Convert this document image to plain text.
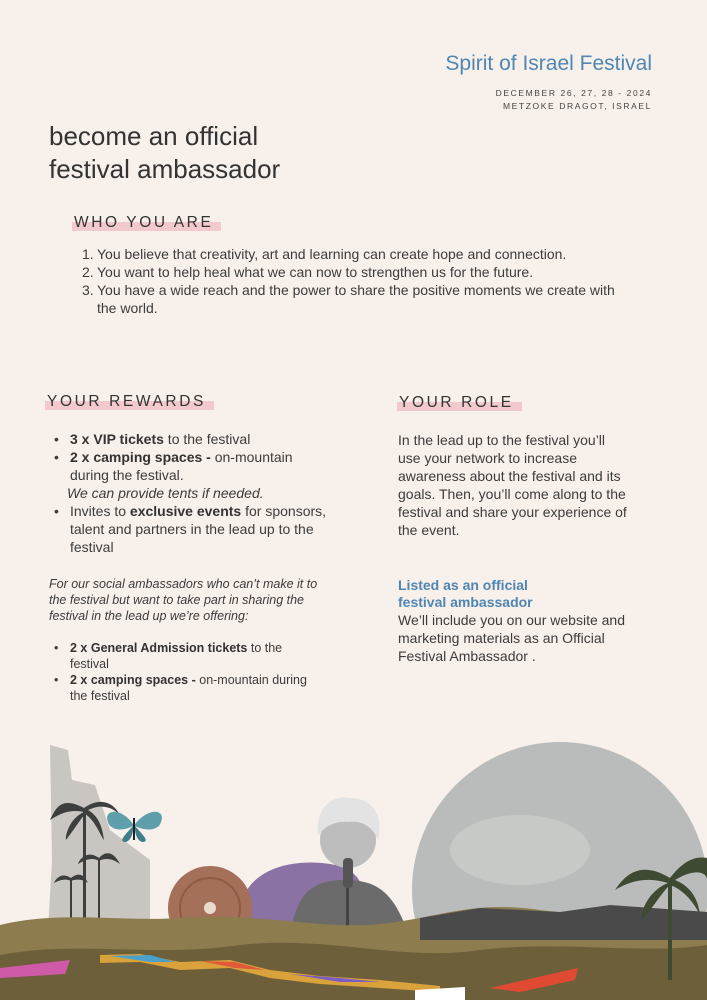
Spirit of Israel Festival
DECEMBER 26, 27, 28 - 2024
METZOKE DRAGOT, ISRAEL
become an official
festival ambassador
WHO YOU ARE
1. You believe that creativity, art and learning can create hope and connection.
2. You want to help heal what we can now to strengthen us for the future.
3. You have a wide reach and the power to share the positive moments we create with the world.
YOUR REWARDS
• 3 x VIP tickets to the festival
• 2 x camping spaces - on-mountain during the festival.
We can provide tents if needed.
• Invites to exclusive events for sponsors, talent and partners in the lead up to the festival
For our social ambassadors who can’t make it to the festival but want to take part in sharing the festival in the lead up we’re offering:
• 2 x General Admission tickets to the festival
• 2 x camping spaces - on-mountain during the festival
YOUR ROLE
In the lead up to the festival you’ll use your network to increase awareness about the festival and its goals. Then, you’ll come along to the festival and share your experience of the event.
Listed as an official
festival ambassador
We’ll include you on our website and marketing materials as an Official Festival Ambassador .
